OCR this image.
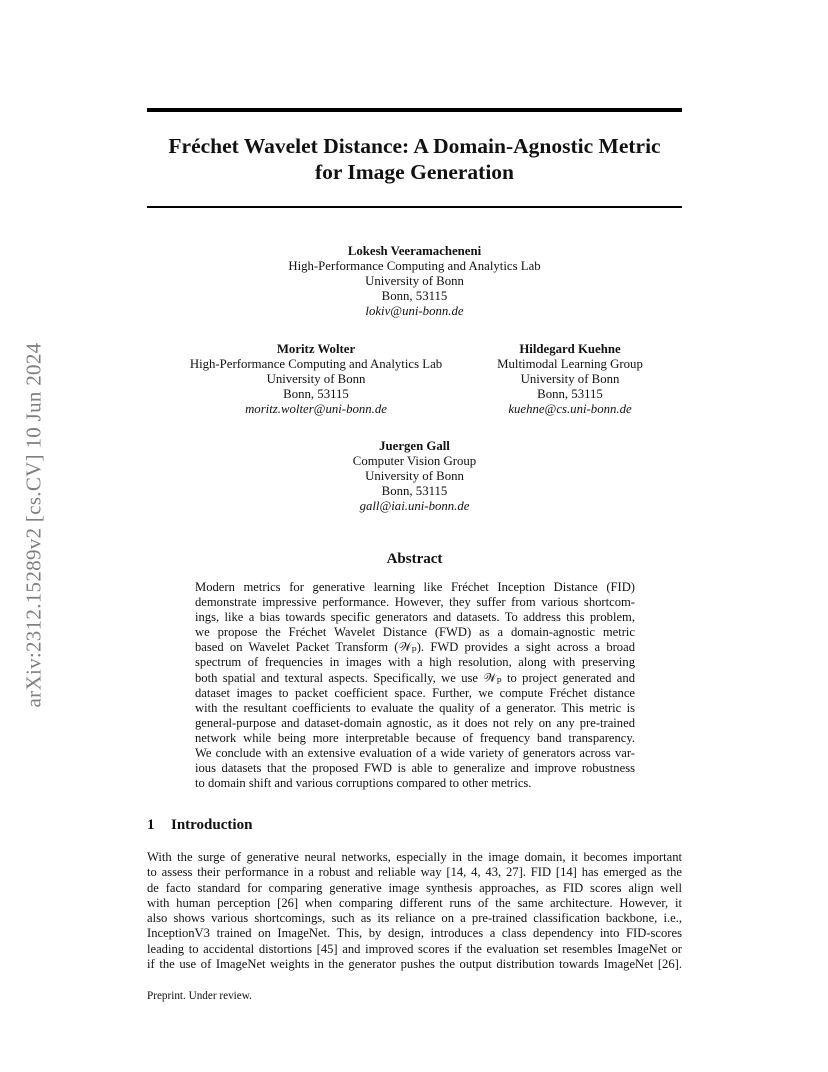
arXiv:2312.15289v2 [cs.CV] 10 Jun 2024
Fréchet Wavelet Distance: A Domain-Agnostic Metric
for Image Generation
Lokesh Veeramacheneni
High-Performance Computing and Analytics Lab
University of Bonn
Bonn, 53115
lokiv@uni-bonn.de
Moritz Wolter
High-Performance Computing and Analytics Lab
University of Bonn
Bonn, 53115
moritz.wolter@uni-bonn.de
Hildegard Kuehne
Multimodal Learning Group
University of Bonn
Bonn, 53115
kuehne@cs.uni-bonn.de
Juergen Gall
Computer Vision Group
University of Bonn
Bonn, 53115
gall@iai.uni-bonn.de
Abstract
Modern metrics for generative learning like Fréchet Inception Distance (FID)
demonstrate impressive performance. However, they suffer from various shortcom-
ings, like a bias towards specific generators and datasets. To address this problem,
we propose the Fréchet Wavelet Distance (FWD) as a domain-agnostic metric
based on Wavelet Packet Transform (𝒲ₚ). FWD provides a sight across a broad
spectrum of frequencies in images with a high resolution, along with preserving
both spatial and textural aspects. Specifically, we use 𝒲ₚ to project generated and
dataset images to packet coefficient space. Further, we compute Fréchet distance
with the resultant coefficients to evaluate the quality of a generator. This metric is
general-purpose and dataset-domain agnostic, as it does not rely on any pre-trained
network while being more interpretable because of frequency band transparency.
We conclude with an extensive evaluation of a wide variety of generators across var-
ious datasets that the proposed FWD is able to generalize and improve robustness
to domain shift and various corruptions compared to other metrics.
1 Introduction
With the surge of generative neural networks, especially in the image domain, it becomes important
to assess their performance in a robust and reliable way [14, 4, 43, 27]. FID [14] has emerged as the
de facto standard for comparing generative image synthesis approaches, as FID scores align well
with human perception [26] when comparing different runs of the same architecture. However, it
also shows various shortcomings, such as its reliance on a pre-trained classification backbone, i.e.,
InceptionV3 trained on ImageNet. This, by design, introduces a class dependency into FID-scores
leading to accidental distortions [45] and improved scores if the evaluation set resembles ImageNet or
if the use of ImageNet weights in the generator pushes the output distribution towards ImageNet [26].
Preprint. Under review.
